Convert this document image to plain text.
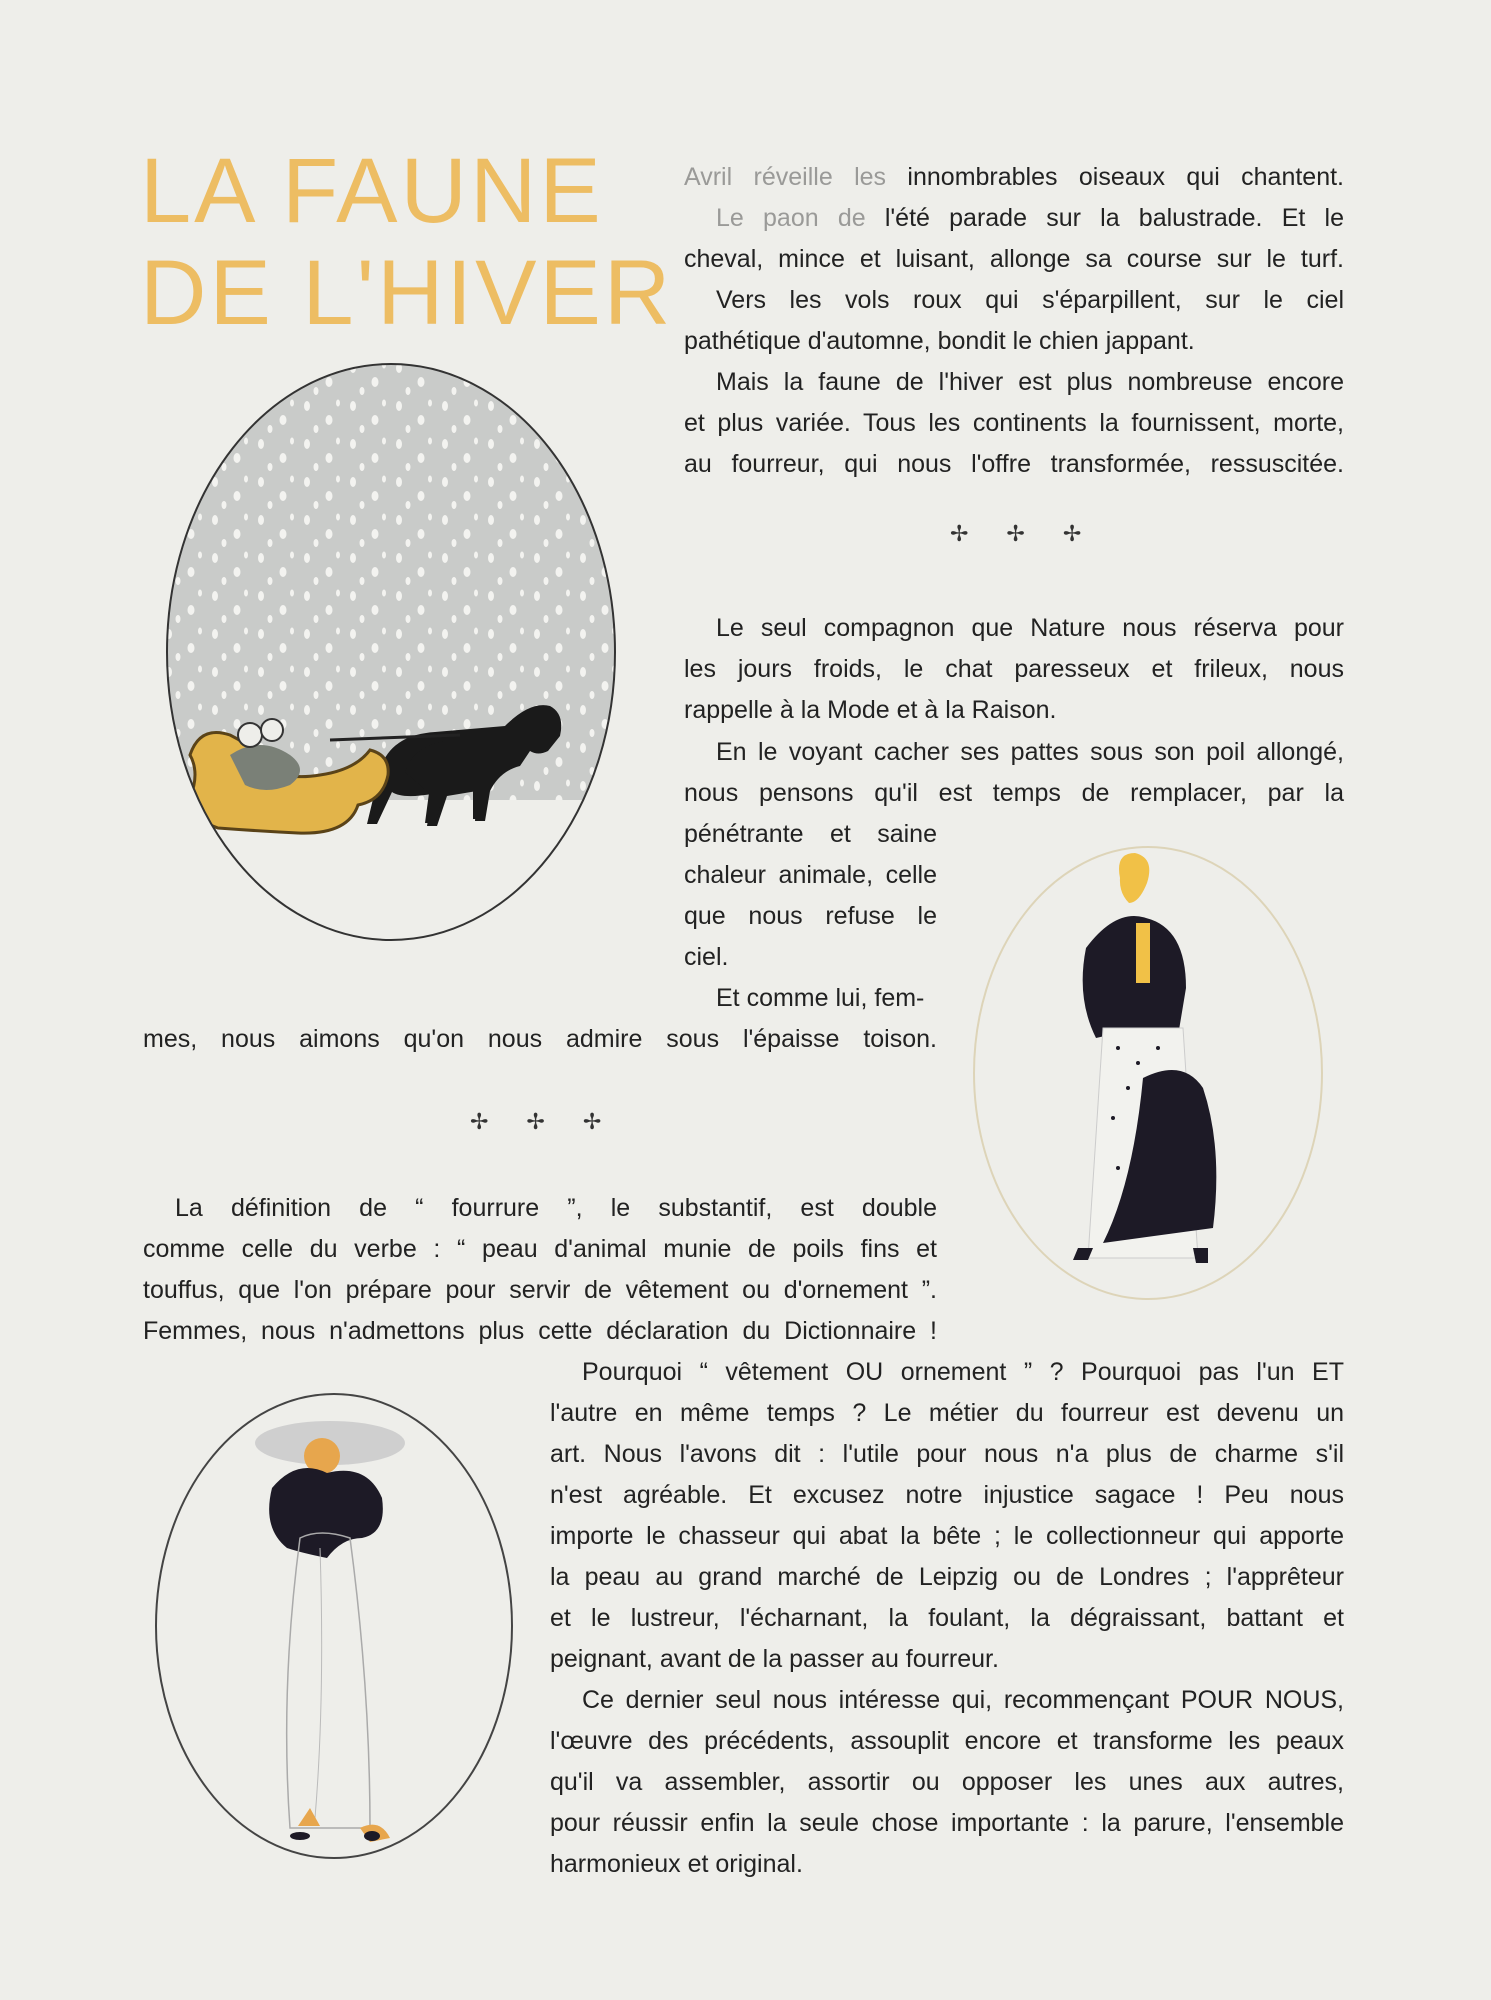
LA FAUNE
DE L'HIVER
Avril réveille les innombrables oiseaux qui chantent.
Le paon de l'été parade sur la balustrade. Et le
cheval, mince et luisant, allonge sa course sur le turf.
Vers les vols roux qui s'éparpillent, sur le ciel
pathétique d'automne, bondit le chien jappant.
Mais la faune de l'hiver est plus nombreuse encore
et plus variée. Tous les continents la fournissent, morte,
au fourreur, qui nous l'offre transformée, ressuscitée.
✢✢✢
Le seul compagnon que Nature nous réserva pour
les jours froids, le chat paresseux et frileux, nous
rappelle à la Mode et à la Raison.
En le voyant cacher ses pattes sous son poil allongé,
nous pensons qu'il est temps de remplacer, par la
pénétrante et saine
chaleur animale, celle
que nous refuse le
ciel.
Et comme lui, fem-
mes, nous aimons qu'on nous admire sous l'épaisse toison.
✢✢✢
La définition de “ fourrure ”, le substantif, est double
comme celle du verbe : “ peau d'animal munie de poils fins et
touffus, que l'on prépare pour servir de vêtement ou d'ornement ”.
Femmes, nous n'admettons plus cette déclaration du Dictionnaire !
Pourquoi “ vêtement OU ornement ” ? Pourquoi pas l'un ET
l'autre en même temps ? Le métier du fourreur est devenu un
art. Nous l'avons dit : l'utile pour nous n'a plus de charme s'il
n'est agréable. Et excusez notre injustice sagace ! Peu nous
importe le chasseur qui abat la bête ; le collectionneur qui apporte
la peau au grand marché de Leipzig ou de Londres ; l'apprêteur
et le lustreur, l'écharnant, la foulant, la dégraissant, battant et
peignant, avant de la passer au fourreur.
Ce dernier seul nous intéresse qui, recommençant POUR NOUS,
l'œuvre des précédents, assouplit encore et transforme les peaux
qu'il va assembler, assortir ou opposer les unes aux autres,
pour réussir enfin la seule chose importante : la parure, l'ensemble
harmonieux et original.
